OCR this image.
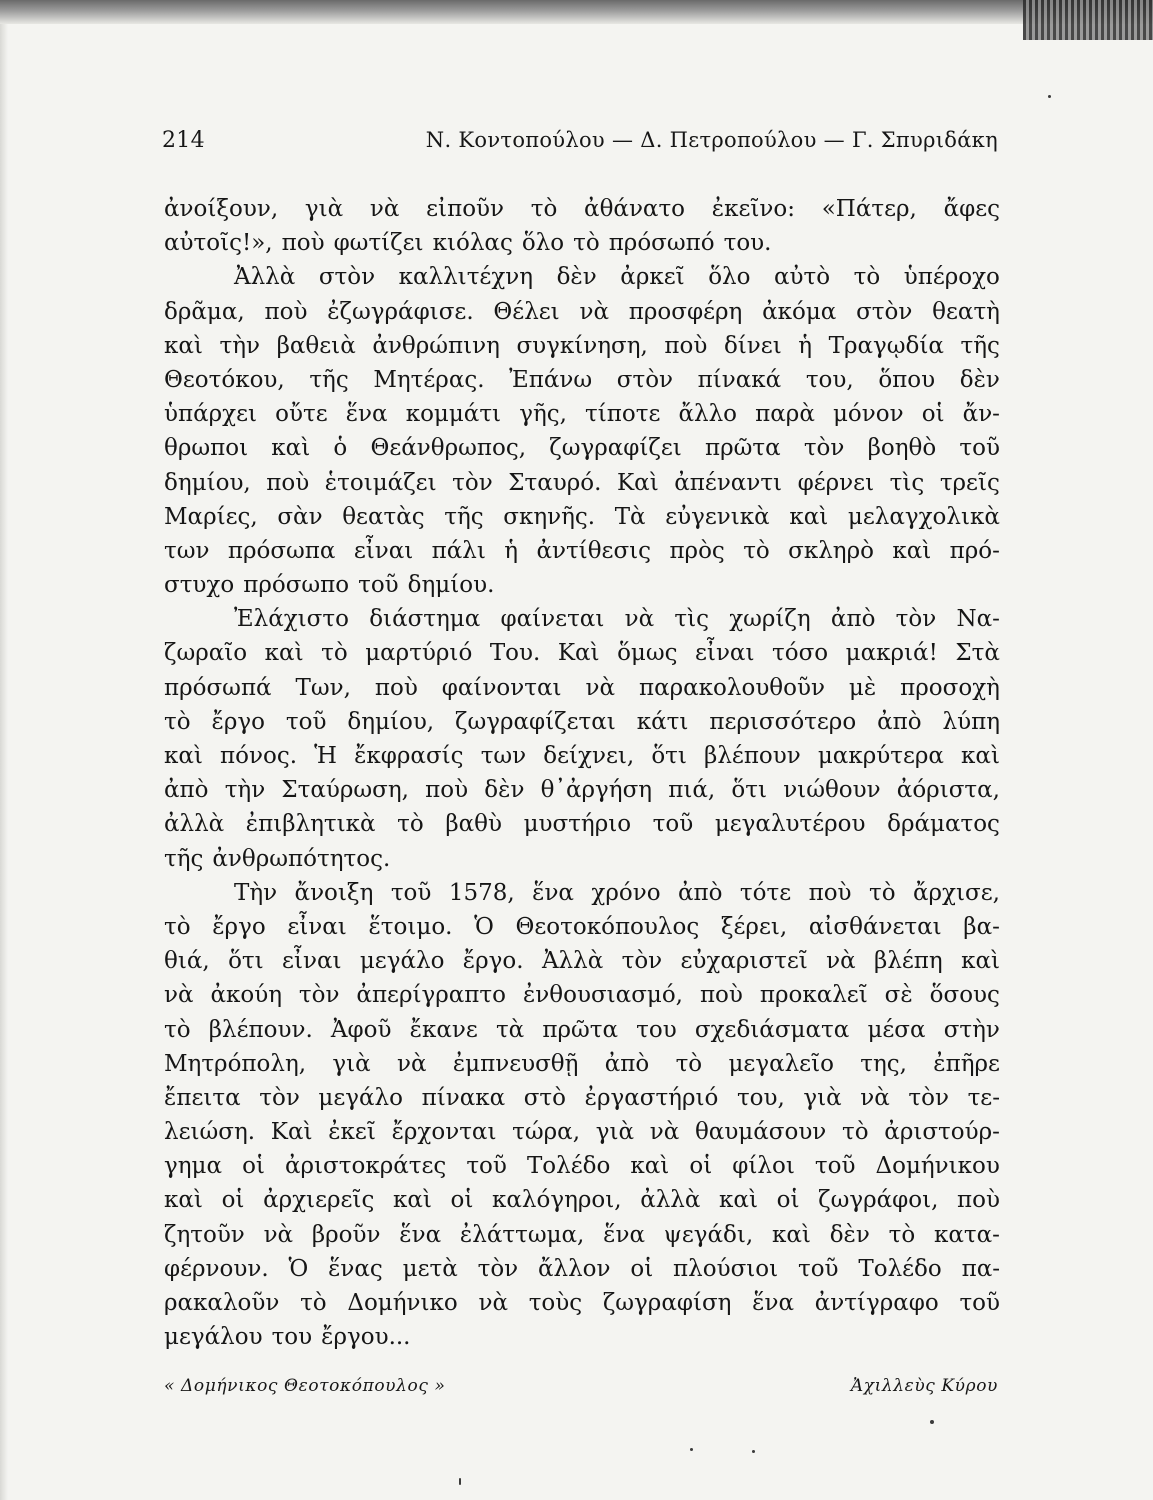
214	Ν. Κοντοπούλου — Δ. Πετροπούλου — Γ. Σπυριδάκη
ἀνοίξουν, γιὰ νὰ εἰποῦν τὸ ἀθάνατο ἐκεῖνο: «Πάτερ, ἄφες
αὐτοῖς!», ποὺ φωτίζει κιόλας ὅλο τὸ πρόσωπό του.
Ἀλλὰ στὸν καλλιτέχνη δὲν ἀρκεῖ ὅλο αὐτὸ τὸ ὑπέροχο
δρᾶμα, ποὺ ἐζωγράφισε. Θέλει νὰ προσφέρη ἀκόμα στὸν θεατὴ
καὶ τὴν βαθειὰ ἀνθρώπινη συγκίνηση, ποὺ δίνει ἡ Τραγῳδία τῆς
Θεοτόκου, τῆς Μητέρας. Ἐπάνω στὸν πίνακά του, ὅπου δὲν
ὑπάρχει οὔτε ἕνα κομμάτι γῆς, τίποτε ἄλλο παρὰ μόνον οἱ ἄν-
θρωποι καὶ ὁ Θεάνθρωπος, ζωγραφίζει πρῶτα τὸν βοηθὸ τοῦ
δημίου, ποὺ ἑτοιμάζει τὸν Σταυρό. Καὶ ἀπέναντι φέρνει τὶς τρεῖς
Μαρίες, σὰν θεατὰς τῆς σκηνῆς. Τὰ εὐγενικὰ καὶ μελαγχολικὰ
των πρόσωπα εἶναι πάλι ἡ ἀντίθεσις πρὸς τὸ σκληρὸ καὶ πρό-
στυχο πρόσωπο τοῦ δημίου.
Ἐλάχιστο διάστημα φαίνεται νὰ τὶς χωρίζη ἀπὸ τὸν Να-
ζωραῖο καὶ τὸ μαρτύριό Του. Καὶ ὅμως εἶναι τόσο μακριά! Στὰ
πρόσωπά Των, ποὺ φαίνονται νὰ παρακολουθοῦν μὲ προσοχὴ
τὸ ἔργο τοῦ δημίου, ζωγραφίζεται κάτι περισσότερο ἀπὸ λύπη
καὶ πόνος. Ἡ ἔκφρασίς των δείχνει, ὅτι βλέπουν μακρύτερα καὶ
ἀπὸ τὴν Σταύρωση, ποὺ δὲν θ᾽ἀργήση πιά, ὅτι νιώθουν ἀόριστα,
ἀλλὰ ἐπιβλητικὰ τὸ βαθὺ μυστήριο τοῦ μεγαλυτέρου δράματος
τῆς ἀνθρωπότητος.
Τὴν ἄνοιξη τοῦ 1578, ἕνα χρόνο ἀπὸ τότε ποὺ τὸ ἄρχισε,
τὸ ἔργο εἶναι ἕτοιμο. Ὁ Θεοτοκόπουλος ξέρει, αἰσθάνεται βα-
θιά, ὅτι εἶναι μεγάλο ἔργο. Ἀλλὰ τὸν εὐχαριστεῖ νὰ βλέπη καὶ
νὰ ἀκούη τὸν ἀπερίγραπτο ἐνθουσιασμό, ποὺ προκαλεῖ σὲ ὅσους
τὸ βλέπουν. Ἀφοῦ ἔκανε τὰ πρῶτα του σχεδιάσματα μέσα στὴν
Μητρόπολη, γιὰ νὰ ἐμπνευσθῇ ἀπὸ τὸ μεγαλεῖο της, ἐπῆρε
ἔπειτα τὸν μεγάλο πίνακα στὸ ἐργαστήριό του, γιὰ νὰ τὸν τε-
λειώση. Καὶ ἐκεῖ ἔρχονται τώρα, γιὰ νὰ θαυμάσουν τὸ ἀριστούρ-
γημα οἱ ἀριστοκράτες τοῦ Τολέδο καὶ οἱ φίλοι τοῦ Δομήνικου
καὶ οἱ ἀρχιερεῖς καὶ οἱ καλόγηροι, ἀλλὰ καὶ οἱ ζωγράφοι, ποὺ
ζητοῦν νὰ βροῦν ἕνα ἐλάττωμα, ἕνα ψεγάδι, καὶ δὲν τὸ κατα-
φέρνουν. Ὁ ἕνας μετὰ τὸν ἄλλον οἱ πλούσιοι τοῦ Τολέδο πα-
ρακαλοῦν τὸ Δομήνικο νὰ τοὺς ζωγραφίση ἕνα ἀντίγραφο τοῦ
μεγάλου του ἔργου...
« Δομήνικος Θεοτοκόπουλος »	Ἀχιλλεὺς Κύρου
